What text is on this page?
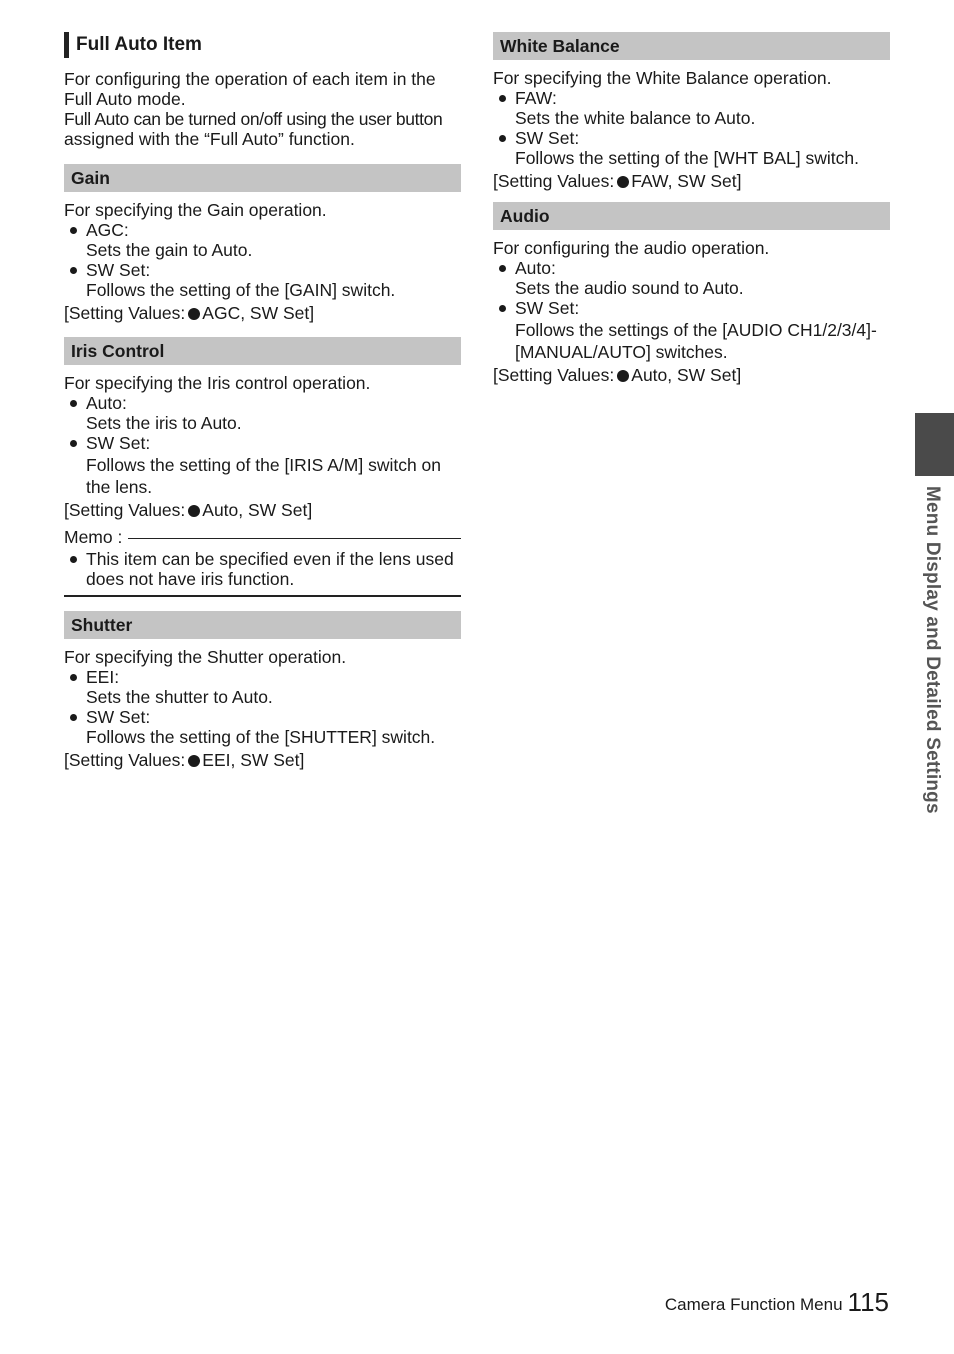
Full Auto Item
For configuring the operation of each item in the
Full Auto mode.
Full Auto can be turned on/off using the user button
assigned with the “Full Auto” function.
Gain

For specifying the Gain operation.

AGC:
Sets the gain to Auto.
SW Set:
Follows the setting of the [GAIN] switch.
[Setting Values: AGC, SW Set]
Iris Control

For specifying the Iris control operation.

Auto:
Sets the iris to Auto.
SW Set:
Follows the setting of the [IRIS A/M] switch on
the lens.
[Setting Values: Auto, SW Set]
Memo :
This item can be specified even if the lens used
does not have iris function.
Shutter

For specifying the Shutter operation.

EEI:
Sets the shutter to Auto.
SW Set:
Follows the setting of the [SHUTTER] switch.
[Setting Values: EEI, SW Set]
White Balance

For specifying the White Balance operation.

FAW:
Sets the white balance to Auto.
SW Set:
Follows the setting of the [WHT BAL] switch.
[Setting Values: FAW, SW Set]
Audio

For configuring the audio operation.

Auto:
Sets the audio sound to Auto.
SW Set:
Follows the settings of the [AUDIO CH1/2/3/4]-
[MANUAL/AUTO] switches.
[Setting Values: Auto, SW Set]
Menu Display and Detailed Settings
Camera Function Menu 115
